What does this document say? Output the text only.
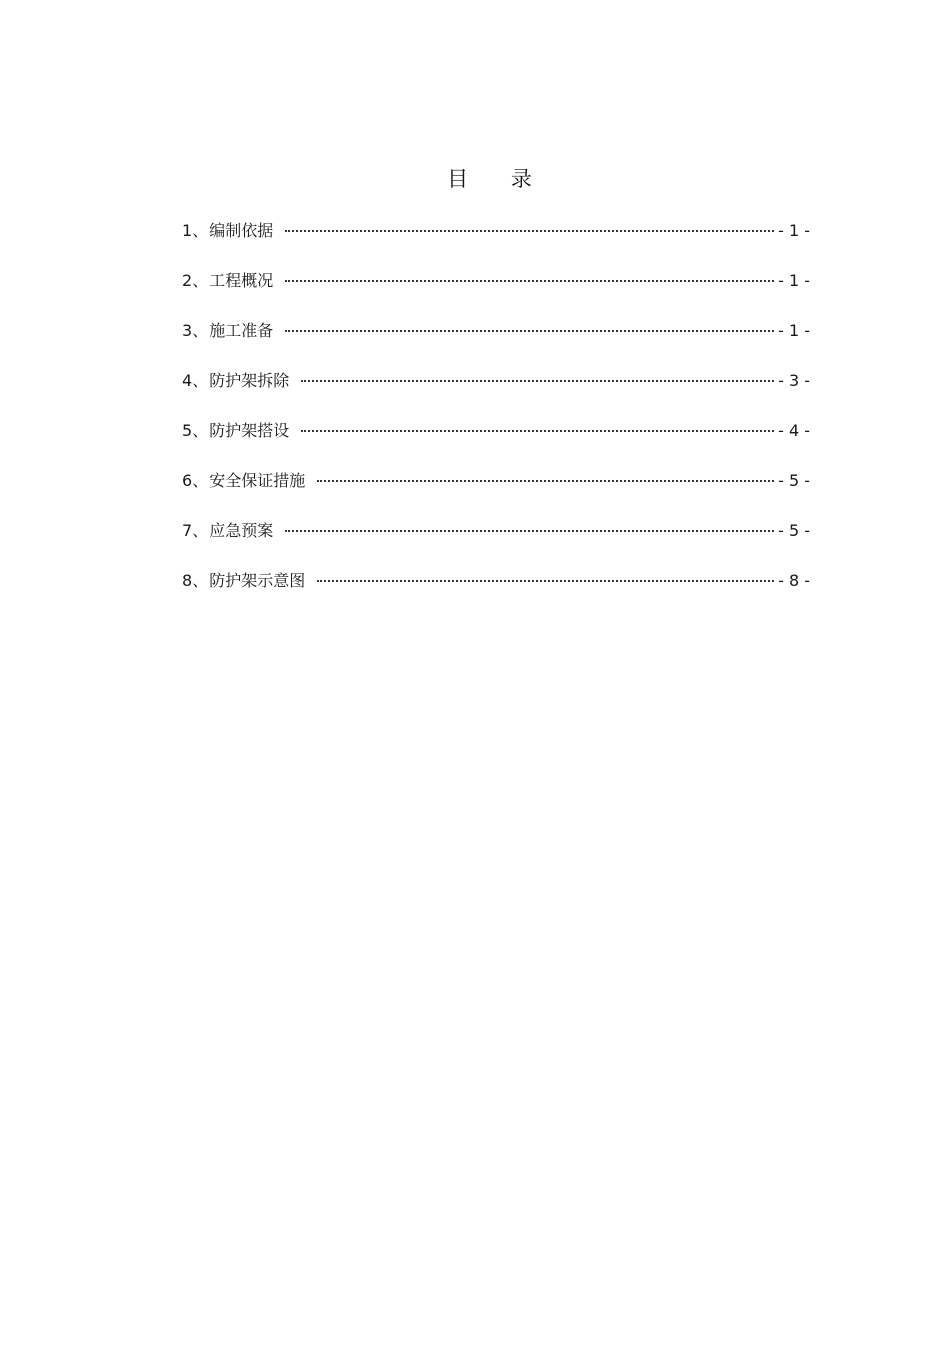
目 录
1、编制依据	- 1 -
2、工程概况	- 1 -
3、施工准备	- 1 -
4、防护架拆除	- 3 -
5、防护架搭设	- 4 -
6、安全保证措施	- 5 -
7、应急预案	- 5 -
8、防护架示意图	- 8 -
